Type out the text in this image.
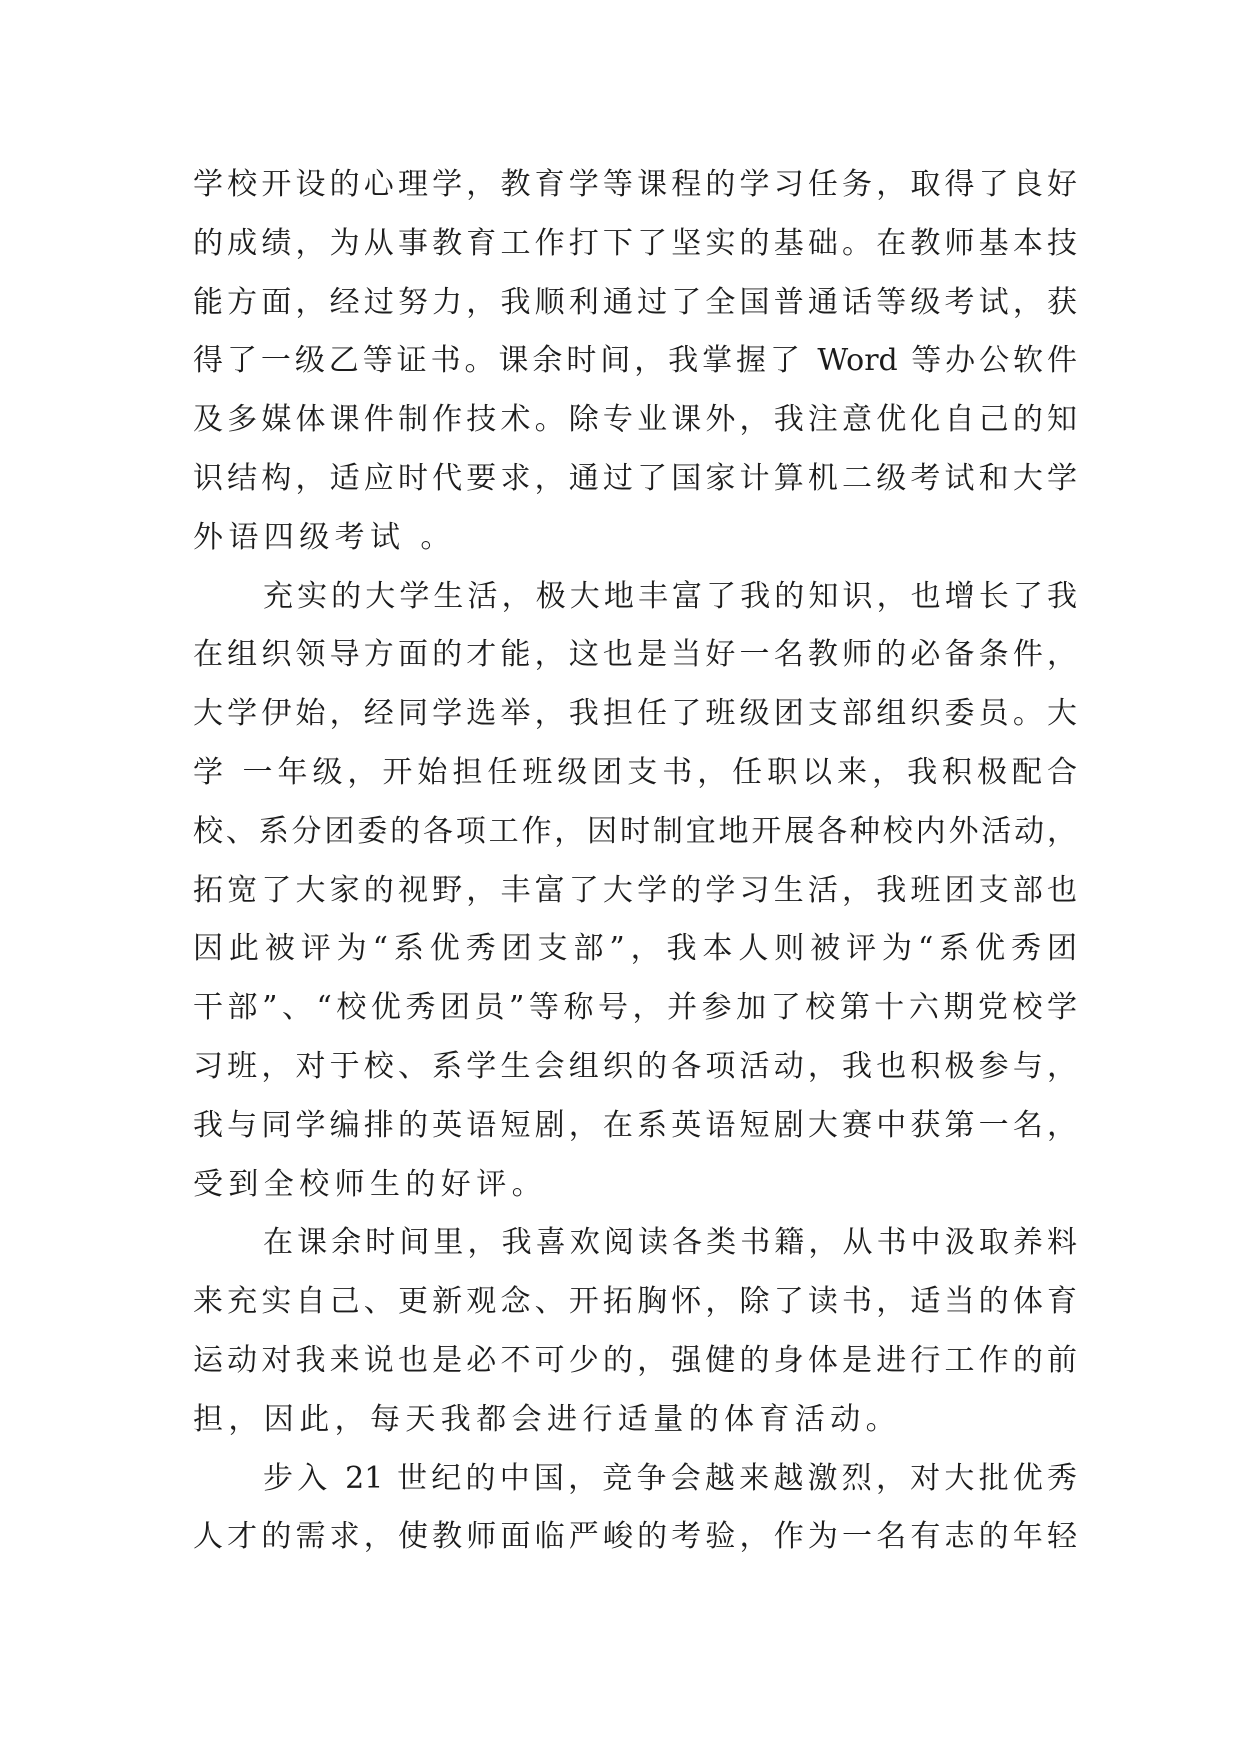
学校开设的心理学，教育学等课程的学习任务，取得了良好
的成绩，为从事教育工作打下了坚实的基础。在教师基本技
能方面，经过努力，我顺利通过了全国普通话等级考试，获
得了一级乙等证书。课余时间，我掌握了 Word 等办公软件
及多媒体课件制作技术。除专业课外，我注意优化自己的知
识结构，适应时代要求，通过了国家计算机二级考试和大学
外语四级考试 。
充实的大学生活，极大地丰富了我的知识，也增长了我
在组织领导方面的才能，这也是当好一名教师的必备条件，
大学伊始，经同学选举，我担任了班级团支部组织委员。大
学 一年级，开始担任班级团支书，任职以来，我积极配合
校、系分团委的各项工作，因时制宜地开展各种校内外活动，
拓宽了大家的视野，丰富了大学的学习生活，我班团支部也
因此被评为“系优秀团支部”，我本人则被评为“系优秀团
干部”、“校优秀团员”等称号，并参加了校第十六期党校学
习班，对于校、系学生会组织的各项活动，我也积极参与，
我与同学编排的英语短剧，在系英语短剧大赛中获第一名，
受到全校师生的好评。
在课余时间里，我喜欢阅读各类书籍，从书中汲取养料
来充实自己、更新观念、开拓胸怀，除了读书，适当的体育
运动对我来说也是必不可少的，强健的身体是进行工作的前
担，因此，每天我都会进行适量的体育活动。
步入 21 世纪的中国，竞争会越来越激烈，对大批优秀
人才的需求，使教师面临严峻的考验，作为一名有志的年轻
